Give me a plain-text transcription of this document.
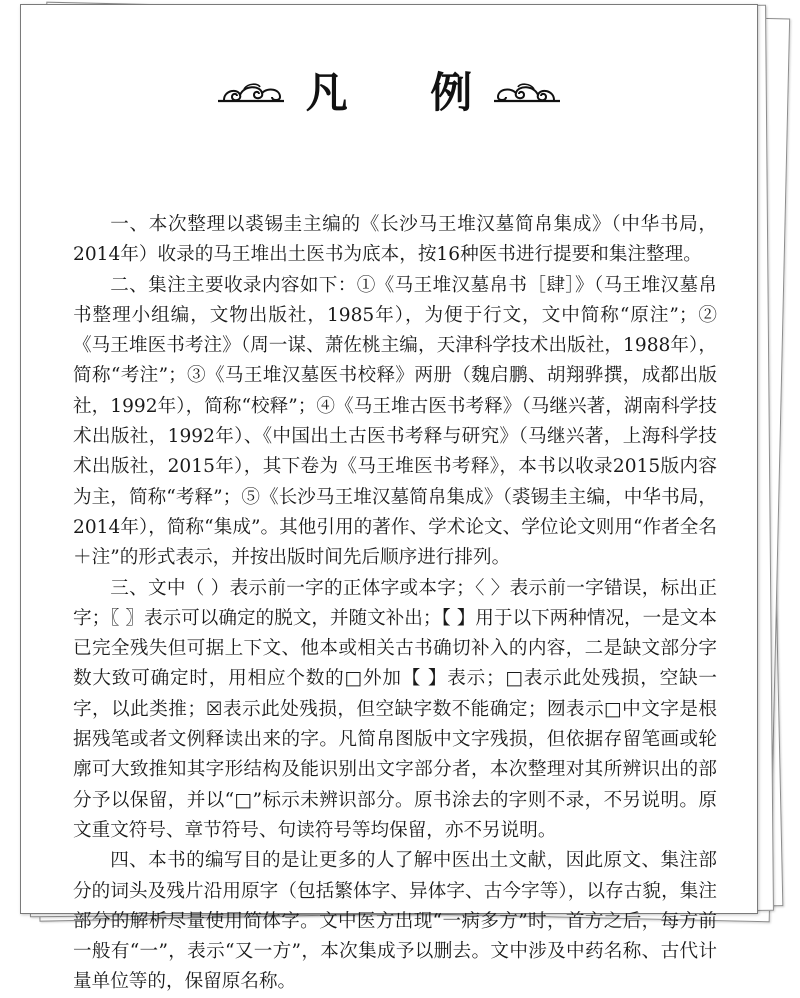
凡 例

一、本次整理以裘锡圭主编的《长沙马王堆汉墓简帛集成》（中华书局，2014年）收录的马王堆出土医书为底本，按16种医书进行提要和集注整理。

二、集注主要收录内容如下：①《马王堆汉墓帛书［肆］》（马王堆汉墓帛书整理小组编，文物出版社，1985年），为便于行文，文中简称“原注”；②《马王堆医书考注》（周一谋、萧佐桃主编，天津科学技术出版社，1988年），简称“考注”；③《马王堆汉墓医书校释》两册（魏启鹏、胡翔骅撰，成都出版社，1992年），简称“校释”；④《马王堆古医书考释》（马继兴著，湖南科学技术出版社，1992年）、《中国出土古医书考释与研究》（马继兴著，上海科学技术出版社，2015年），其下卷为《马王堆医书考释》，本书以收录2015版内容为主，简称“考释”；⑤《长沙马王堆汉墓简帛集成》（裘锡圭主编，中华书局，2014年），简称“集成”。其他引用的著作、学术论文、学位论文则用“作者全名＋注”的形式表示，并按出版时间先后顺序进行排列。

三、文中（ ）表示前一字的正体字或本字；〈 〉表示前一字错误，标出正字；〖 〗表示可以确定的脱文，并随文补出；【 】用于以下两种情况，一是文本已完全残失但可据上下文、他本或相关古书确切补入的内容，二是缺文部分字数大致可确定时，用相应个数的□外加【 】表示；□表示此处残损，空缺一字，以此类推；☒表示此处残损，但空缺字数不能确定；囫表示□中文字是根据残笔或者文例释读出来的字。凡简帛图版中文字残损，但依据存留笔画或轮廓可大致推知其字形结构及能识别出文字部分者，本次整理对其所辨识出的部分予以保留，并以“□”标示未辨识部分。原书涂去的字则不录，不另说明。原文重文符号、章节符号、句读符号等均保留，亦不另说明。

四、本书的编写目的是让更多的人了解中医出土文献，因此原文、集注部分的词头及残片沿用原字（包括繁体字、异体字、古今字等），以存古貌，集注部分的解析尽量使用简体字。文中医方出现“一病多方”时，首方之后，每方前一般有“一”，表示“又一方”，本次集成予以删去。文中涉及中药名称、古代计量单位等的，保留原名称。
